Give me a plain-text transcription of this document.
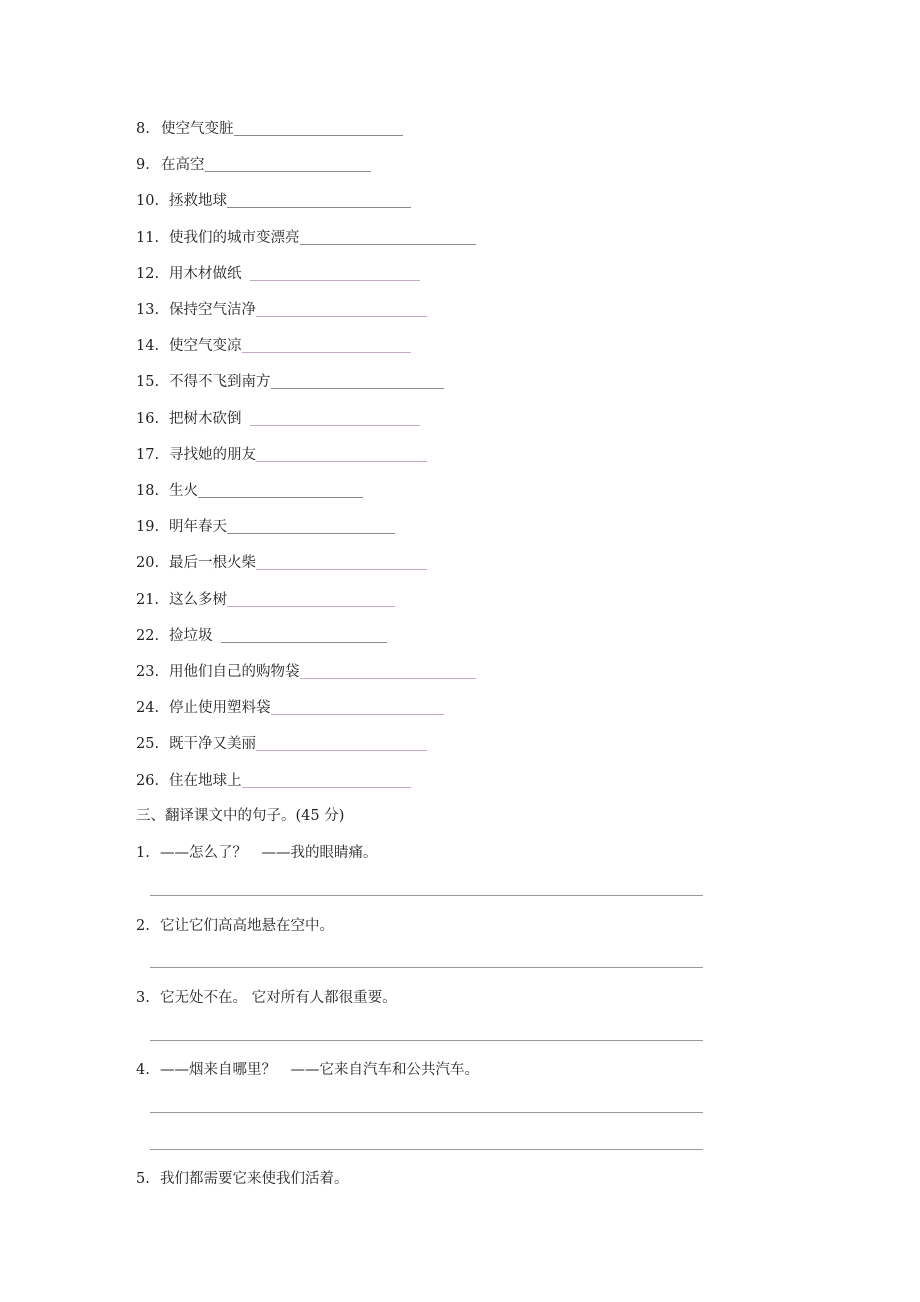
8. 使空气变脏
9. 在高空
10. 拯救地球
11. 使我们的城市变漂亮
12. 用木材做纸
13. 保持空气洁净
14. 使空气变凉
15. 不得不飞到南方
16. 把树木砍倒
17. 寻找她的朋友
18. 生火
19. 明年春天
20. 最后一根火柴
21. 这么多树
22. 捡垃圾
23. 用他们自己的购物袋
24. 停止使用塑料袋
25. 既干净又美丽
26. 住在地球上
三、翻译课文中的句子。(45 分)
1. ——怎么了？　——我的眼睛痛。
2. 它让它们高高地悬在空中。
3. 它无处不在。 它对所有人都很重要。
4. ——烟来自哪里？　——它来自汽车和公共汽车。
5. 我们都需要它来使我们活着。
